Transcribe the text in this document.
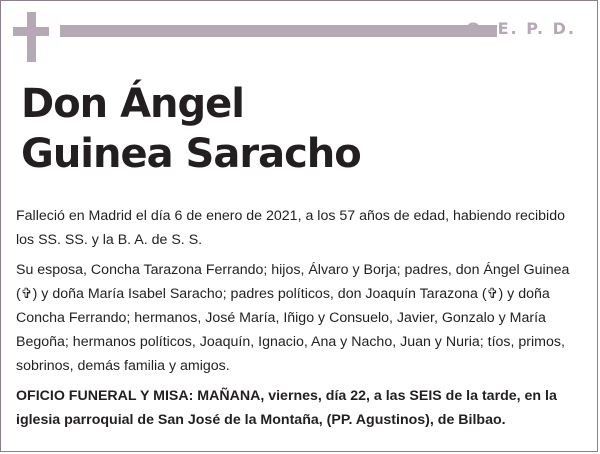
Q. E. P. D.
Don Ángel
Guinea Saracho

Falleció en Madrid el día 6 de enero de 2021, a los 57 años de edad, habiendo recibido los SS. SS. y la B. A. de S. S.

Su esposa, Concha Tarazona Ferrando; hijos, Álvaro y Borja; padres, don Ángel Guinea (✞) y doña María Isabel Saracho; padres políticos, don Joaquín Tarazona (✞) y doña Concha Ferrando; hermanos, José María, Iñigo y Consuelo, Javier, Gonzalo y María Begoña; hermanos políticos, Joaquín, Ignacio, Ana y Nacho, Juan y Nuria; tíos, primos, sobrinos, demás familia y amigos.

OFICIO FUNERAL Y MISA: MAÑANA, viernes, día 22, a las SEIS de la tarde, en la iglesia parroquial de San José de la Montaña, (PP. Agustinos), de Bilbao.
